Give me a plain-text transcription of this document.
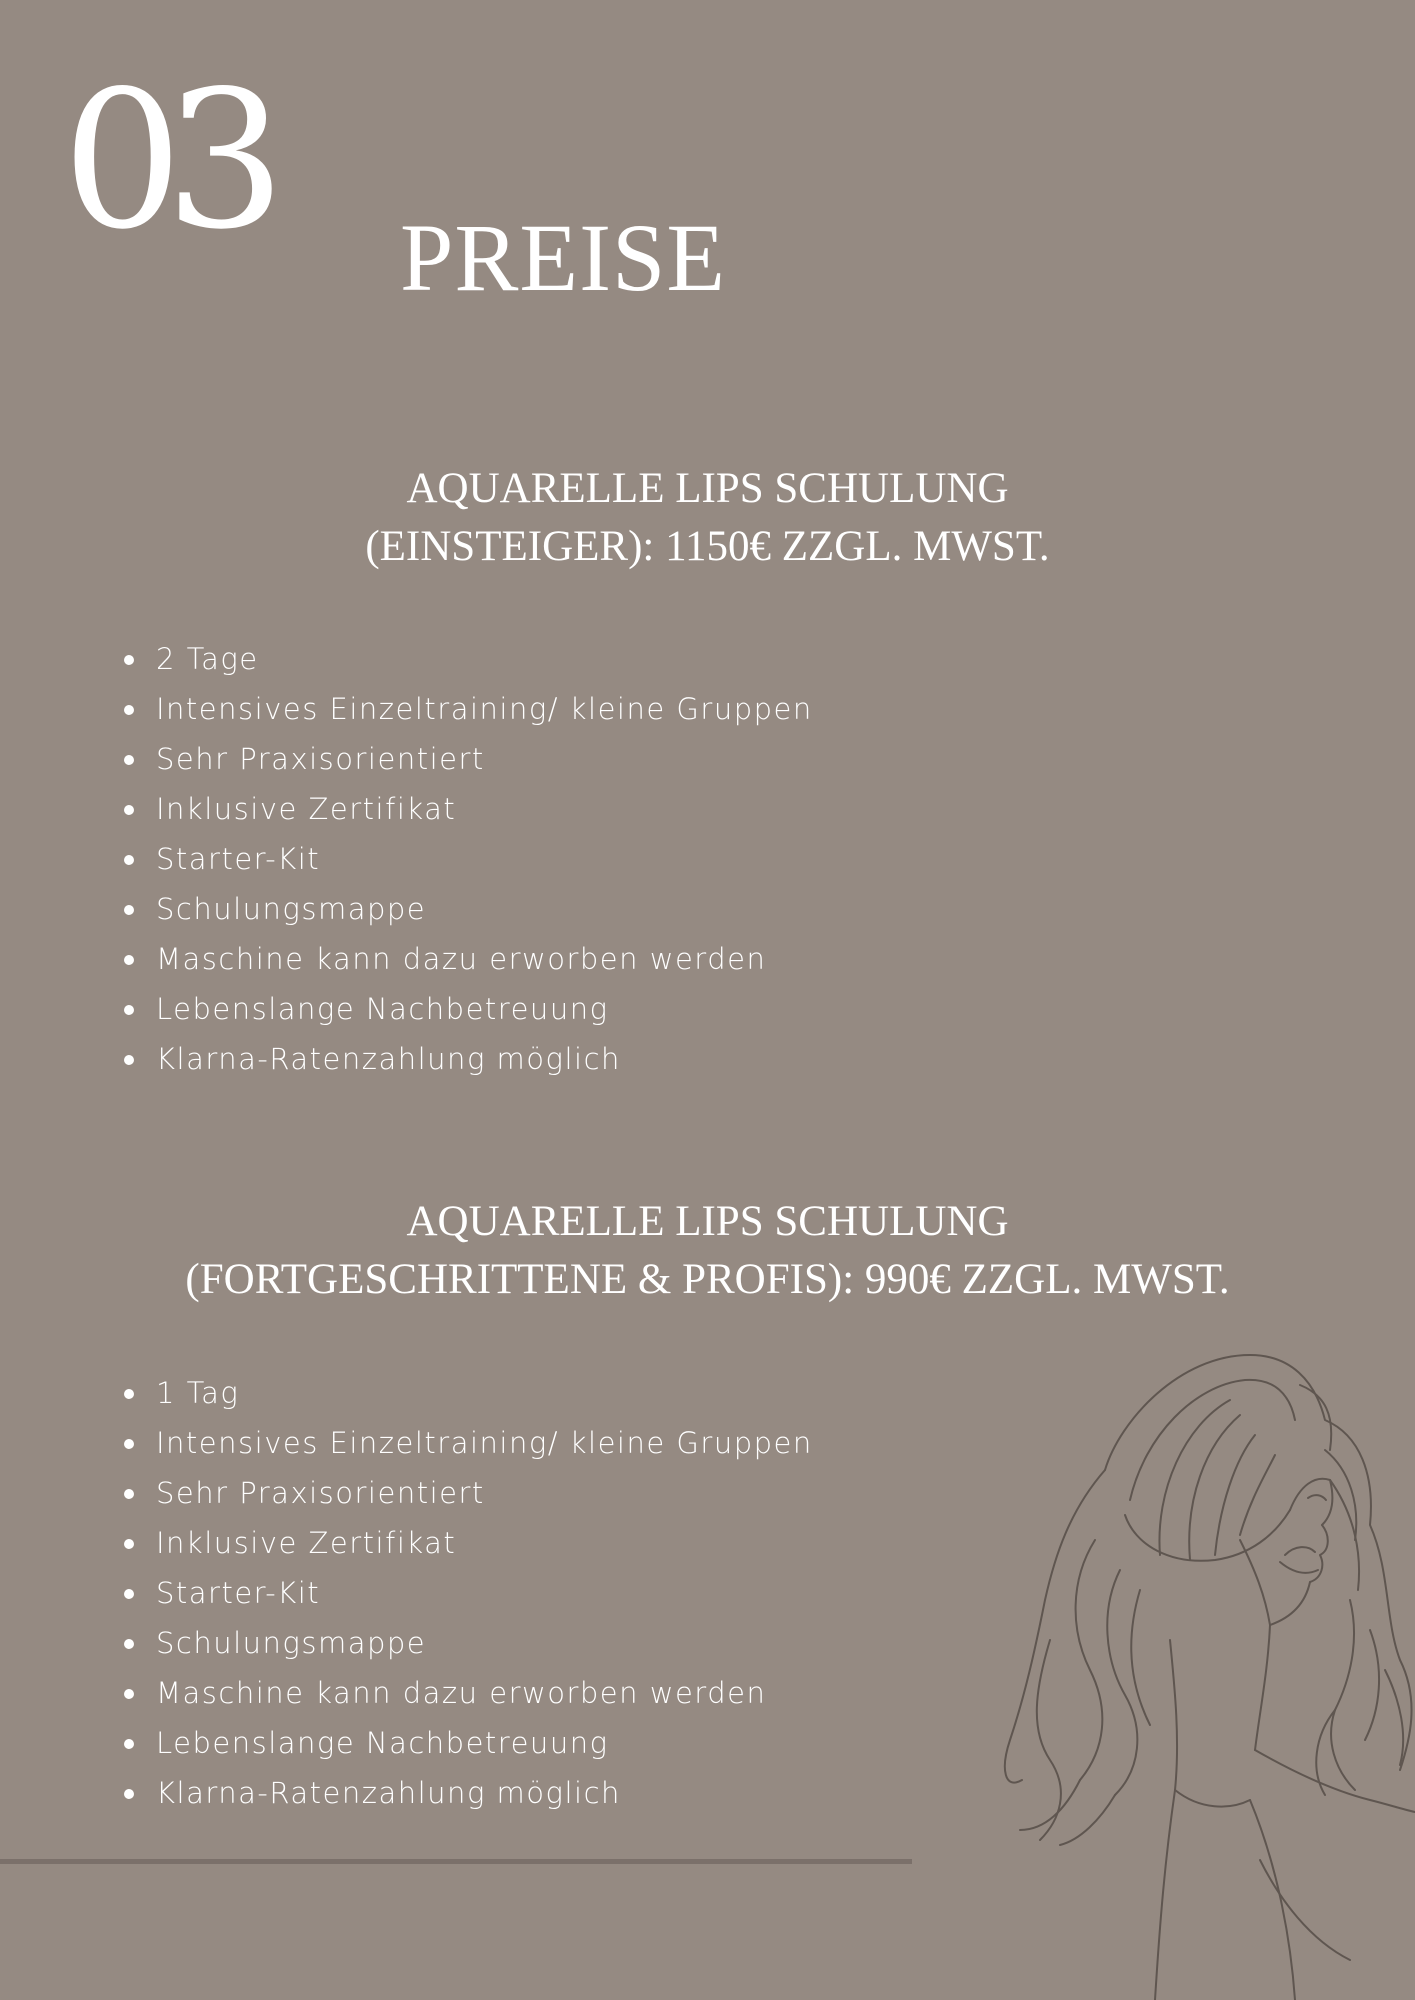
03 PREISE
AQUARELLE LIPS SCHULUNG
(EINSTEIGER): 1150€ ZZGL. MWST.
2 Tage
Intensives Einzeltraining/ kleine Gruppen
Sehr Praxisorientiert
Inklusive Zertifikat
Starter-Kit
Schulungsmappe
Maschine kann dazu erworben werden
Lebenslange Nachbetreuung
Klarna-Ratenzahlung möglich
AQUARELLE LIPS SCHULUNG
(FORTGESCHRITTENE & PROFIS): 990€ ZZGL. MWST.
1 Tag
Intensives Einzeltraining/ kleine Gruppen
Sehr Praxisorientiert
Inklusive Zertifikat
Starter-Kit
Schulungsmappe
Maschine kann dazu erworben werden
Lebenslange Nachbetreuung
Klarna-Ratenzahlung möglich
